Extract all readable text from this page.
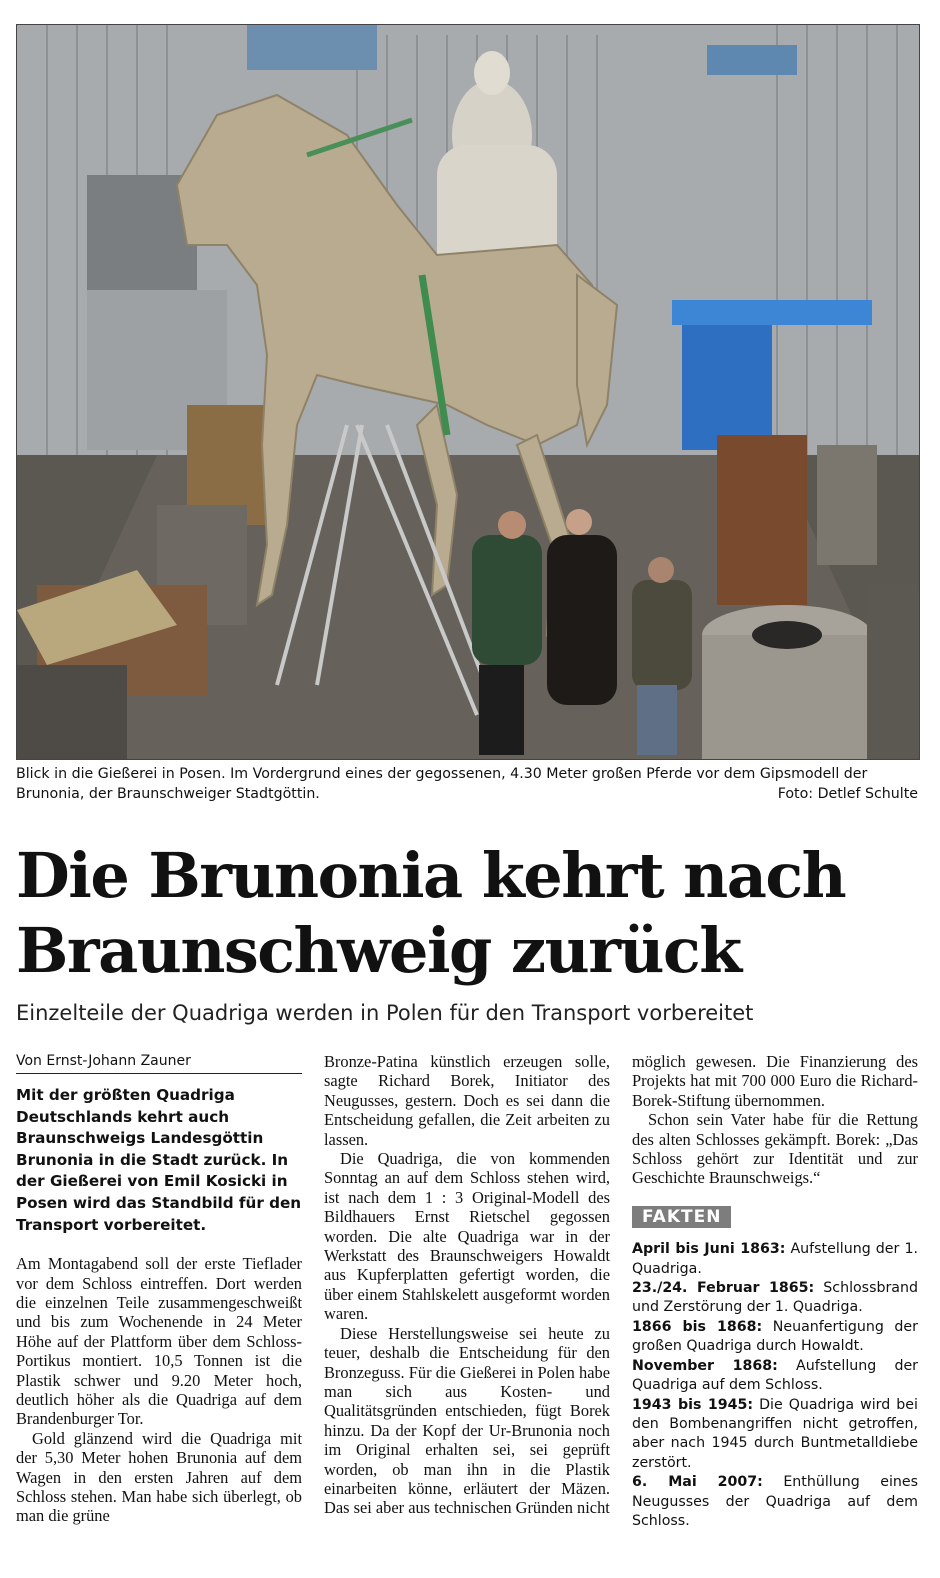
Blick in die Gießerei in Posen. Im Vordergrund eines der gegossenen, 4.30 Meter großen Pferde vor dem Gipsmodell der Brunonia, der Braunschweiger Stadtgöttin.	Foto: Detlef Schulte
Die Brunonia kehrt nach Braunschweig zurück
Einzelteile der Quadriga werden in Polen für den Transport vorbereitet
Von Ernst-Johann Zauner

Mit der größten Quadriga Deutschlands kehrt auch Braunschweigs Landesgöttin Brunonia in die Stadt zurück. In der Gießerei von Emil Kosicki in Posen wird das Standbild für den Transport vorbereitet.

Am Montagabend soll der erste Tieflader vor dem Schloss eintreffen. Dort werden die einzelnen Teile zusammengeschweißt und bis zum Wochenende in 24 Meter Höhe auf der Plattform über dem Schloss-Portikus montiert. 10,5 Tonnen ist die Plastik schwer und 9.20 Meter hoch, deutlich höher als die Quadriga auf dem Brandenburger Tor.

Gold glänzend wird die Quadriga mit der 5,30 Meter hohen Brunonia auf dem Wagen in den ersten Jahren auf dem Schloss stehen. Man habe sich überlegt, ob man die grüne

Bronze-Patina künstlich erzeugen solle, sagte Richard Borek, Initiator des Neugusses, gestern. Doch es sei dann die Entscheidung gefallen, die Zeit arbeiten zu lassen.

Die Quadriga, die von kommenden Sonntag an auf dem Schloss stehen wird, ist nach dem 1 : 3 Original-Modell des Bildhauers Ernst Rietschel gegossen worden. Die alte Quadriga war in der Werkstatt des Braunschweigers Howaldt aus Kupferplatten gefertigt worden, die über einem Stahlskelett ausgeformt worden waren.

Diese Herstellungsweise sei heute zu teuer, deshalb die Entscheidung für den Bronzeguss. Für die Gießerei in Polen habe man sich aus Kosten- und Qualitätsgründen entschieden, fügt Borek hinzu. Da der Kopf der Ur-Brunonia noch im Original erhalten sei, sei geprüft worden, ob man ihn in die Plastik einarbeiten könne, erläutert der Mäzen. Das sei aber aus technischen Gründen nicht

möglich gewesen. Die Finanzierung des Projekts hat mit 700 000 Euro die Richard-Borek-Stiftung übernommen.

Schon sein Vater habe für die Rettung des alten Schlosses gekämpft. Borek: „Das Schloss gehört zur Identität und zur Geschichte Braunschweigs.“

FAKTEN

April bis Juni 1863: Aufstellung der 1. Quadriga.

23./24. Februar 1865: Schlossbrand und Zerstörung der 1. Quadriga.

1866 bis 1868: Neuanfertigung der großen Quadriga durch Howaldt.

November 1868: Aufstellung der Quadriga auf dem Schloss.

1943 bis 1945: Die Quadriga wird bei den Bombenangriffen nicht getroffen, aber nach 1945 durch Buntmetalldiebe zerstört.

6. Mai 2007: Enthüllung eines Neugusses der Quadriga auf dem Schloss.
